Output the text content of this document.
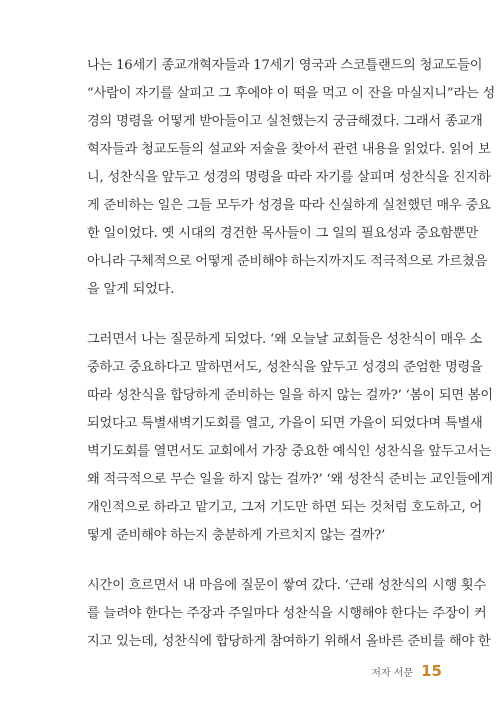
나는 16세기 종교개혁자들과 17세기 영국과 스코틀랜드의 청교도들이
“사람이 자기를 살피고 그 후에야 이 떡을 먹고 이 잔을 마실지니”라는 성
경의 명령을 어떻게 받아들이고 실천했는지 궁금해졌다. 그래서 종교개
혁자들과 청교도들의 설교와 저술을 찾아서 관련 내용을 읽었다. 읽어 보
니, 성찬식을 앞두고 성경의 명령을 따라 자기를 살피며 성찬식을 진지하
게 준비하는 일은 그들 모두가 성경을 따라 신실하게 실천했던 매우 중요
한 일이었다. 옛 시대의 경건한 목사들이 그 일의 필요성과 중요함뿐만
아니라 구체적으로 어떻게 준비해야 하는지까지도 적극적으로 가르쳤음
을 알게 되었다.
그러면서 나는 질문하게 되었다. ‘왜 오늘날 교회들은 성찬식이 매우 소
중하고 중요하다고 말하면서도, 성찬식을 앞두고 성경의 준엄한 명령을
따라 성찬식을 합당하게 준비하는 일을 하지 않는 걸까?’ ‘봄이 되면 봄이
되었다고 특별새벽기도회를 열고, 가을이 되면 가을이 되었다며 특별새
벽기도회를 열면서도 교회에서 가장 중요한 예식인 성찬식을 앞두고서는
왜 적극적으로 무슨 일을 하지 않는 걸까?’ ‘왜 성찬식 준비는 교인들에게
개인적으로 하라고 맡기고, 그저 기도만 하면 되는 것처럼 호도하고, 어
떻게 준비해야 하는지 충분하게 가르치지 않는 걸까?’
시간이 흐르면서 내 마음에 질문이 쌓여 갔다. ‘근래 성찬식의 시행 횟수
를 늘려야 한다는 주장과 주일마다 성찬식을 시행해야 한다는 주장이 커
지고 있는데, 성찬식에 합당하게 참여하기 위해서 올바른 준비를 해야 한
저자 서문 15
